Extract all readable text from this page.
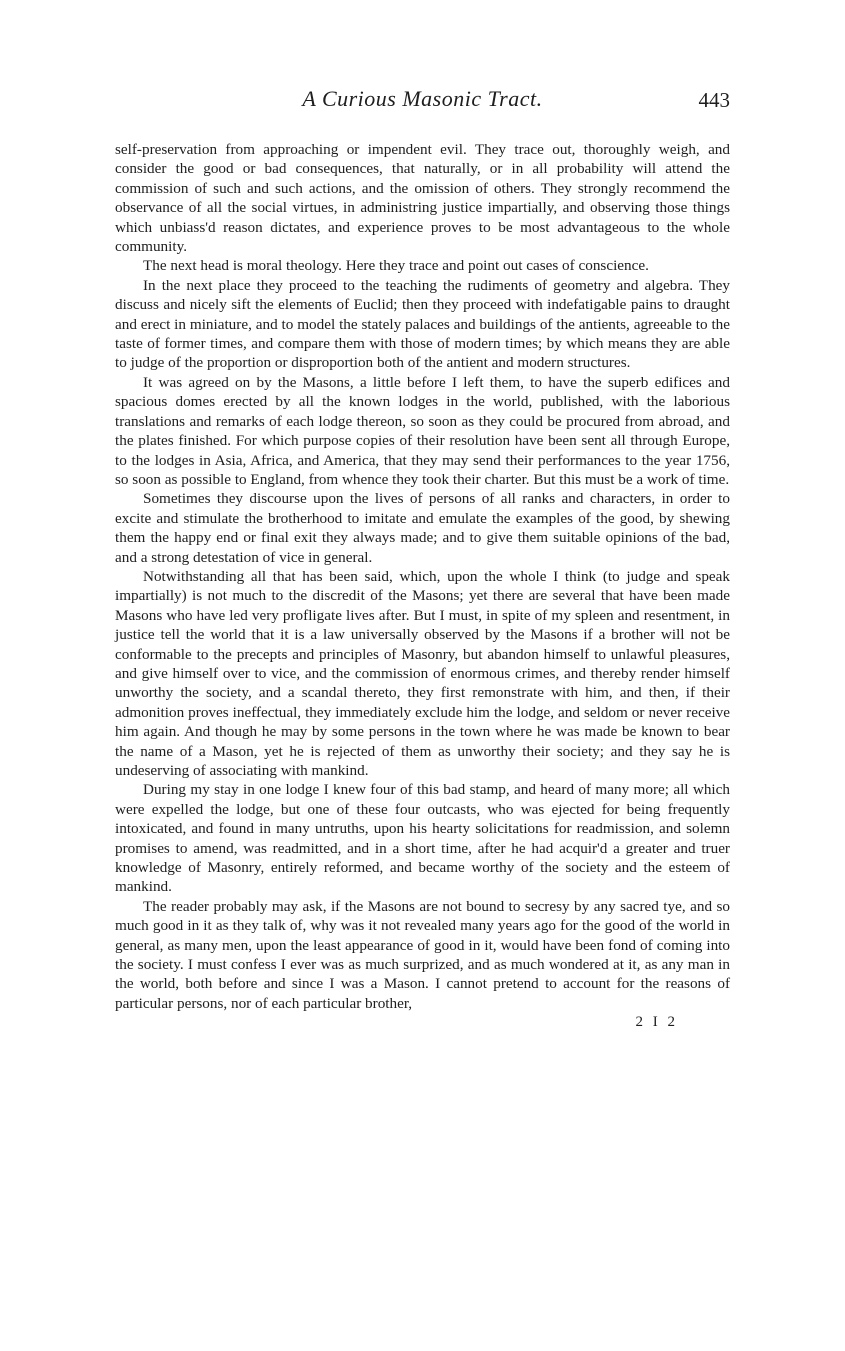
A Curious Masonic Tract.	443

self-preservation from approaching or impendent evil. They trace out, thoroughly weigh, and consider the good or bad consequences, that naturally, or in all probability will attend the commission of such and such actions, and the omission of others. They strongly recommend the observance of all the social virtues, in administring justice impartially, and observing those things which unbiass'd reason dictates, and experience proves to be most advantageous to the whole community.

The next head is moral theology. Here they trace and point out cases of conscience.

In the next place they proceed to the teaching the rudiments of geometry and algebra. They discuss and nicely sift the elements of Euclid; then they proceed with indefatigable pains to draught and erect in miniature, and to model the stately palaces and buildings of the antients, agreeable to the taste of former times, and compare them with those of modern times; by which means they are able to judge of the proportion or disproportion both of the antient and modern structures.

It was agreed on by the Masons, a little before I left them, to have the superb edifices and spacious domes erected by all the known lodges in the world, published, with the laborious translations and remarks of each lodge thereon, so soon as they could be procured from abroad, and the plates finished. For which purpose copies of their resolution have been sent all through Europe, to the lodges in Asia, Africa, and America, that they may send their performances to the year 1756, so soon as possible to England, from whence they took their charter. But this must be a work of time.

Sometimes they discourse upon the lives of persons of all ranks and characters, in order to excite and stimulate the brotherhood to imitate and emulate the examples of the good, by shewing them the happy end or final exit they always made; and to give them suitable opinions of the bad, and a strong detestation of vice in general.

Notwithstanding all that has been said, which, upon the whole I think (to judge and speak impartially) is not much to the discredit of the Masons; yet there are several that have been made Masons who have led very profligate lives after. But I must, in spite of my spleen and resentment, in justice tell the world that it is a law universally observed by the Masons if a brother will not be conformable to the precepts and principles of Masonry, but abandon himself to unlawful pleasures, and give himself over to vice, and the commission of enormous crimes, and thereby render himself unworthy the society, and a scandal thereto, they first remonstrate with him, and then, if their admonition proves ineffectual, they immediately exclude him the lodge, and seldom or never receive him again. And though he may by some persons in the town where he was made be known to bear the name of a Mason, yet he is rejected of them as unworthy their society; and they say he is undeserving of associating with mankind.

During my stay in one lodge I knew four of this bad stamp, and heard of many more; all which were expelled the lodge, but one of these four outcasts, who was ejected for being frequently intoxicated, and found in many untruths, upon his hearty solicitations for readmission, and solemn promises to amend, was readmitted, and in a short time, after he had acquir'd a greater and truer knowledge of Masonry, entirely reformed, and became worthy of the society and the esteem of mankind.

The reader probably may ask, if the Masons are not bound to secresy by any sacred tye, and so much good in it as they talk of, why was it not revealed many years ago for the good of the world in general, as many men, upon the least appearance of good in it, would have been fond of coming into the society. I must confess I ever was as much surprized, and as much wondered at it, as any man in the world, both before and since I was a Mason. I cannot pretend to account for the reasons of particular persons, nor of each particular brother,

2 I 2
